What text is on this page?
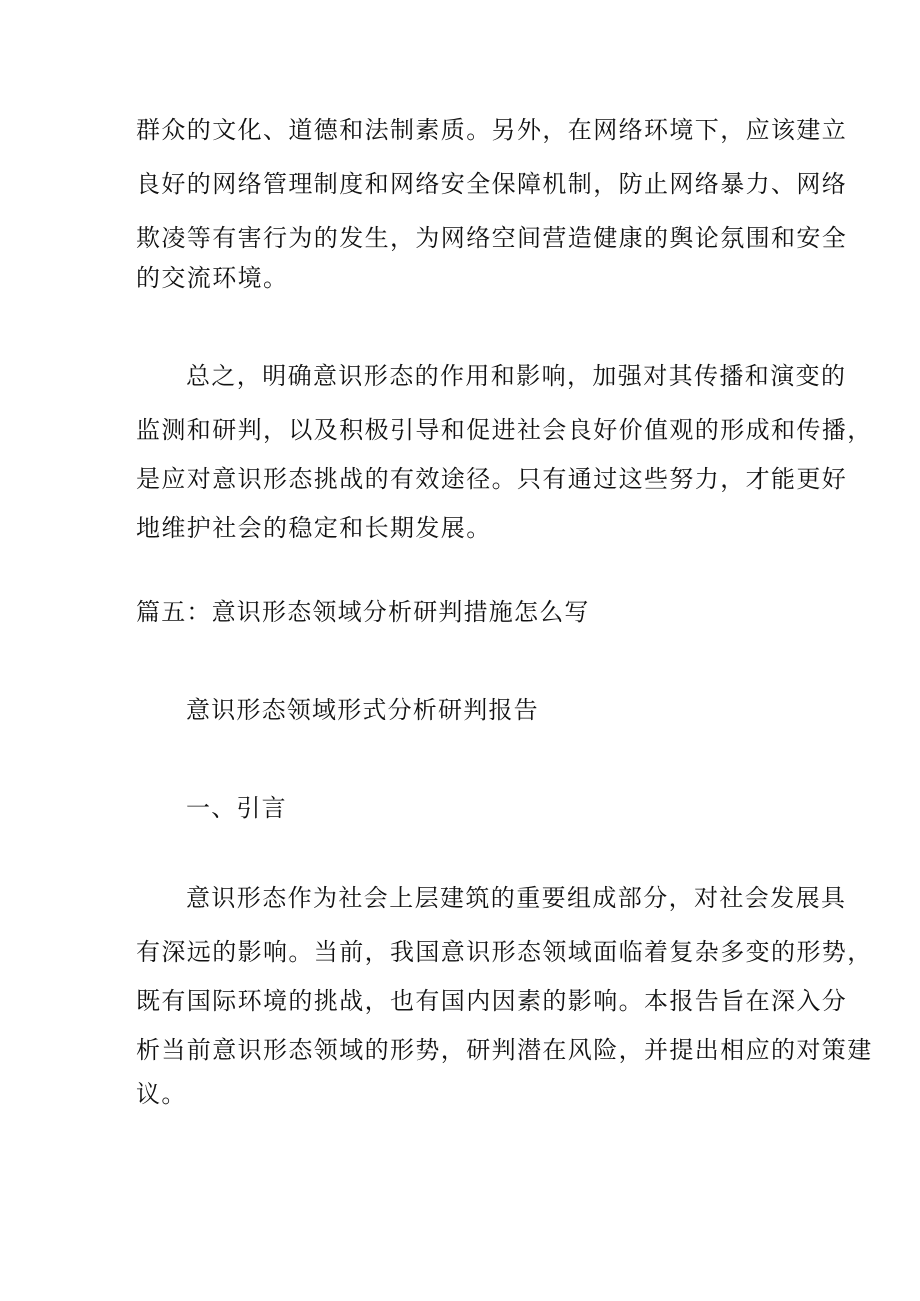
群众的文化、道德和法制素质。另外，在网络环境下，应该建立
良好的网络管理制度和网络安全保障机制，防止网络暴力、网络
欺凌等有害行为的发生，为网络空间营造健康的舆论氛围和安全
的交流环境。
总之，明确意识形态的作用和影响，加强对其传播和演变的
监测和研判，以及积极引导和促进社会良好价值观的形成和传播，
是应对意识形态挑战的有效途径。只有通过这些努力，才能更好
地维护社会的稳定和长期发展。
篇五：意识形态领域分析研判措施怎么写
意识形态领域形式分析研判报告
一、引言
意识形态作为社会上层建筑的重要组成部分，对社会发展具
有深远的影响。当前，我国意识形态领域面临着复杂多变的形势，
既有国际环境的挑战，也有国内因素的影响。本报告旨在深入分
析当前意识形态领域的形势，研判潜在风险，并提出相应的对策建
议。
